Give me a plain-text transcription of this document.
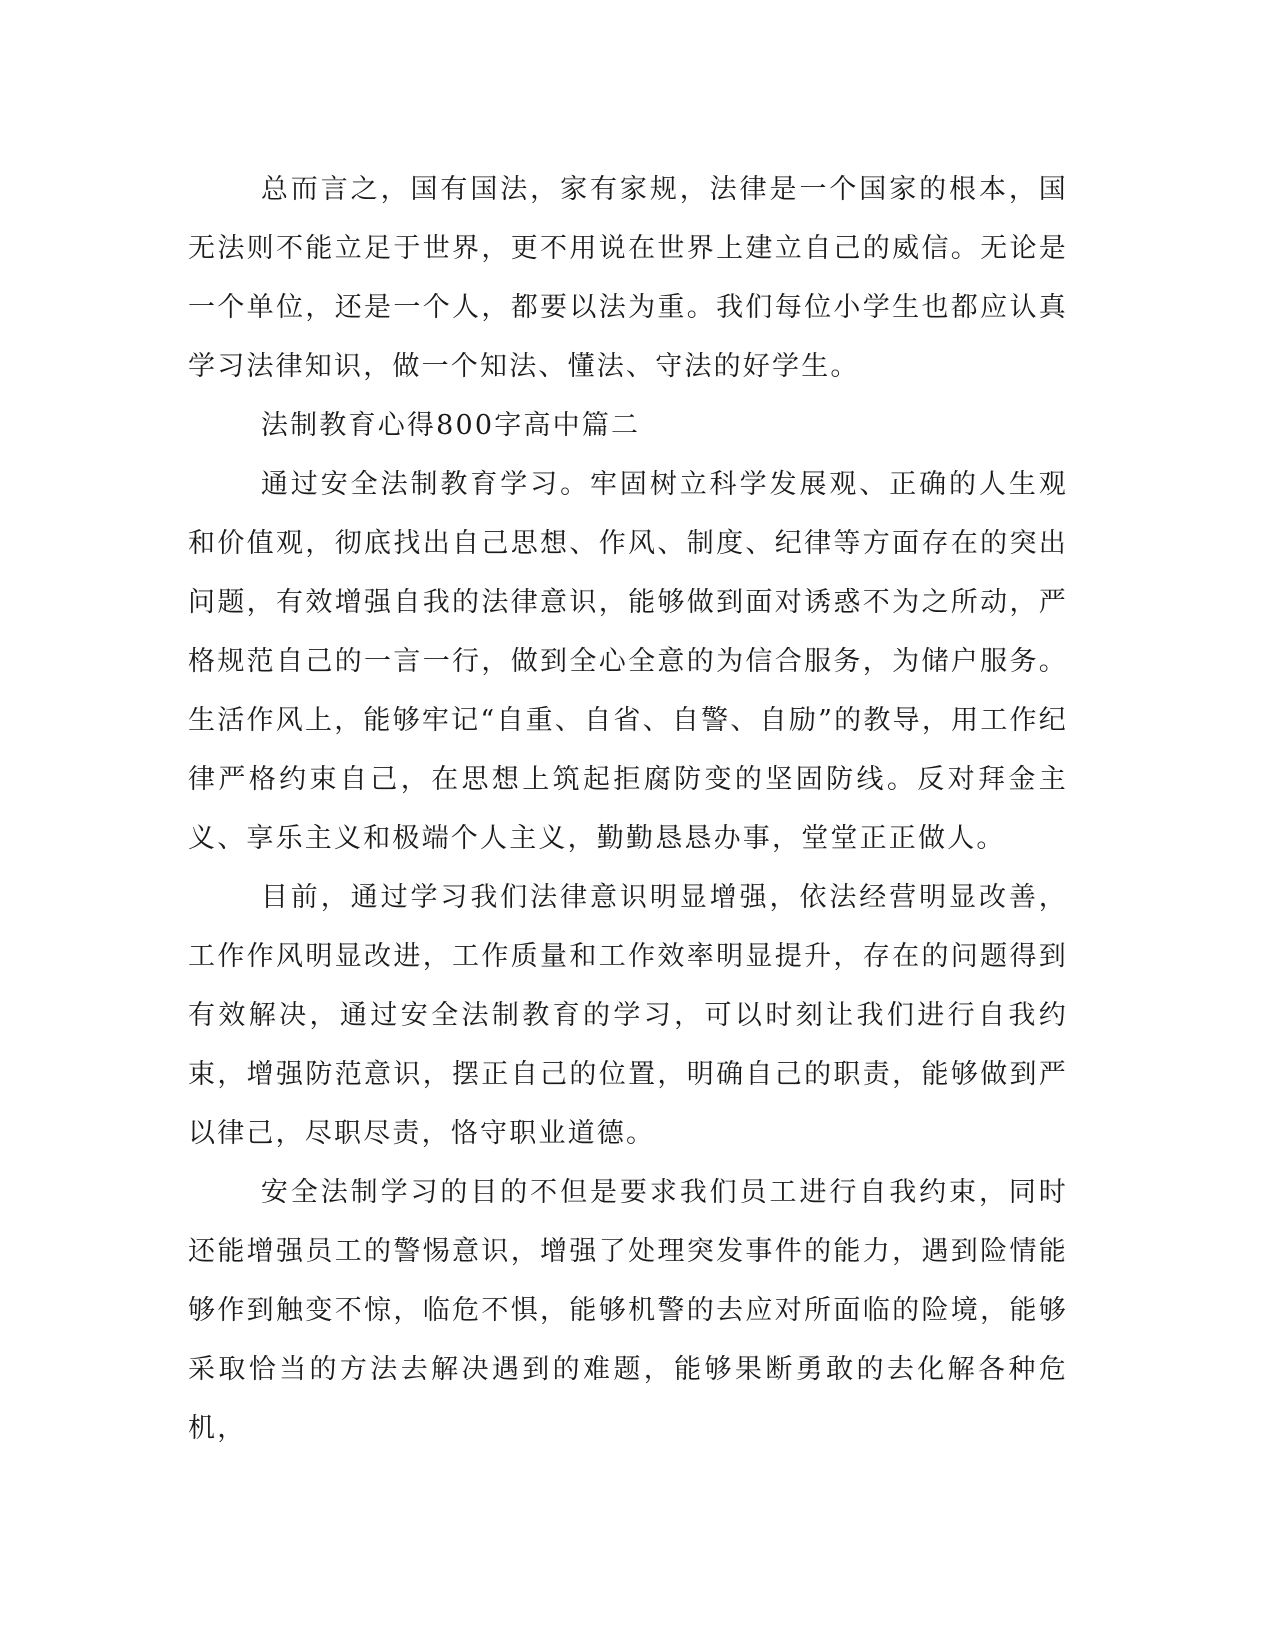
总而言之，国有国法，家有家规，法律是一个国家的根本，国无法则不能立足于世界，更不用说在世界上建立自己的威信。无论是一个单位，还是一个人，都要以法为重。我们每位小学生也都应认真学习法律知识，做一个知法、懂法、守法的好学生。

法制教育心得800字高中篇二

通过安全法制教育学习。牢固树立科学发展观、正确的人生观和价值观，彻底找出自己思想、作风、制度、纪律等方面存在的突出问题，有效增强自我的法律意识，能够做到面对诱惑不为之所动，严格规范自己的一言一行，做到全心全意的为信合服务，为储户服务。生活作风上，能够牢记“自重、自省、自警、自励”的教导，用工作纪律严格约束自己，在思想上筑起拒腐防变的坚固防线。反对拜金主义、享乐主义和极端个人主义，勤勤恳恳办事，堂堂正正做人。

目前，通过学习我们法律意识明显增强，依法经营明显改善，工作作风明显改进，工作质量和工作效率明显提升，存在的问题得到有效解决，通过安全法制教育的学习，可以时刻让我们进行自我约束，增强防范意识，摆正自己的位置，明确自己的职责，能够做到严以律己，尽职尽责，恪守职业道德。

安全法制学习的目的不但是要求我们员工进行自我约束，同时还能增强员工的警惕意识，增强了处理突发事件的能力，遇到险情能够作到触变不惊，临危不惧，能够机警的去应对所面临的险境，能够采取恰当的方法去解决遇到的难题，能够果断勇敢的去化解各种危机，
